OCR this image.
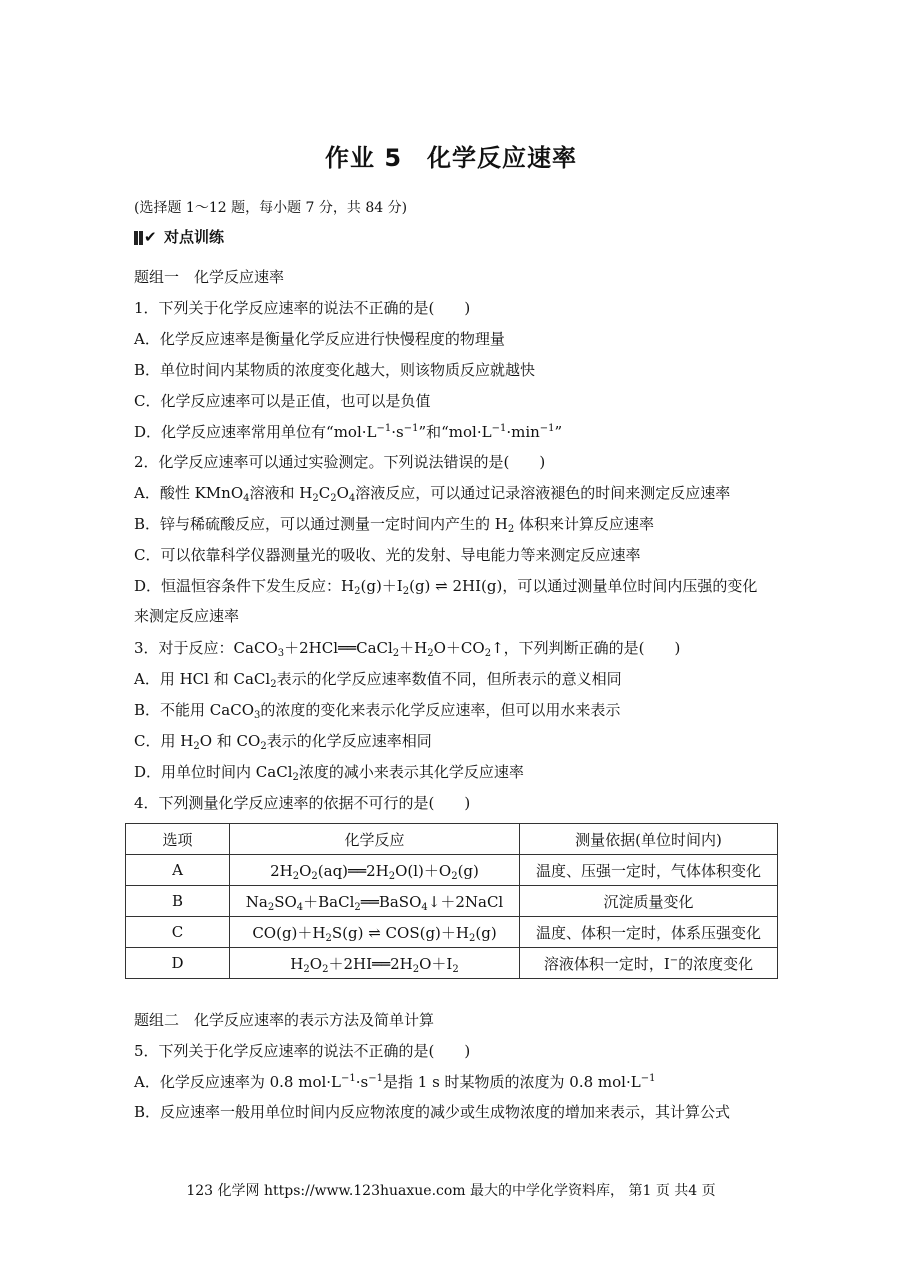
作业 5　化学反应速率
(选择题 1～12 题，每小题 7 分，共 84 分)
✔ 对点训练
题组一　化学反应速率
1．下列关于化学反应速率的说法不正确的是(　　)
A．化学反应速率是衡量化学反应进行快慢程度的物理量
B．单位时间内某物质的浓度变化越大，则该物质反应就越快
C．化学反应速率可以是正值，也可以是负值
D．化学反应速率常用单位有“$mol\cdot L^{-1}\cdot s^{-1}$”和“$mol\cdot L^{-1}\cdot\min^{-1}$”
2．化学反应速率可以通过实验测定。下列说法错误的是(　　)
A．酸性 KMnO$_4$溶液和 $H_2C_2O_4$溶液反应，可以通过记录溶液褪色的时间来测定反应速率
B．锌与稀硫酸反应，可以通过测量一定时间内产生的 $H_2$ 体积来计算反应速率
C．可以依靠科学仪器测量光的吸收、光的发射、导电能力等来测定反应速率
D．恒温恒容条件下发生反应：$H_2(g)+I_2(g)$ ⇌ 2HI(g)，可以通过测量单位时间内压强的变化
来测定反应速率
3．对于反应：$CaCO_3+2HCl══CaCl_2+H_2O+CO_2↑$，下列判断正确的是(　　)
A．用 HCl 和 CaCl$_2$表示的化学反应速率数值不同，但所表示的意义相同
B．不能用 CaCO$_3$的浓度的变化来表示化学反应速率，但可以用水来表示
C．用 $H_2O$ 和 $CO_2$表示的化学反应速率相同
D．用单位时间内 CaCl$_2$浓度的减小来表示其化学反应速率
4．下列测量化学反应速率的依据不可行的是(　　)
选项	化学反应	测量依据(单位时间内)
A	$2H_2O_2(aq)══2H_2O(l)+O_2(g)$	温度、压强一定时，气体体积变化
B	$Na_2SO_4+BaCl_2══BaSO_4↓+2NaCl$	沉淀质量变化
C	$CO(g)+H_2S(g)$ ⇌ $COS(g)+H_2(g)$	温度、体积一定时，体系压强变化
D	$H_2O_2+2HI══2H_2O+I_2$	溶液体积一定时，I−的浓度变化
题组二　化学反应速率的表示方法及简单计算
5．下列关于化学反应速率的说法不正确的是(　　)
A．化学反应速率为 0.8 $mol\cdot L^{-1}\cdot s^{-1}$是指 1 s 时某物质的浓度为 0.8 $mol\cdot L^{-1}$
B．反应速率一般用单位时间内反应物浓度的减少或生成物浓度的增加来表示，其计算公式
123 化学网 https://www.123huaxue.com 最大的中学化学资料库， 第1 页 共4 页
